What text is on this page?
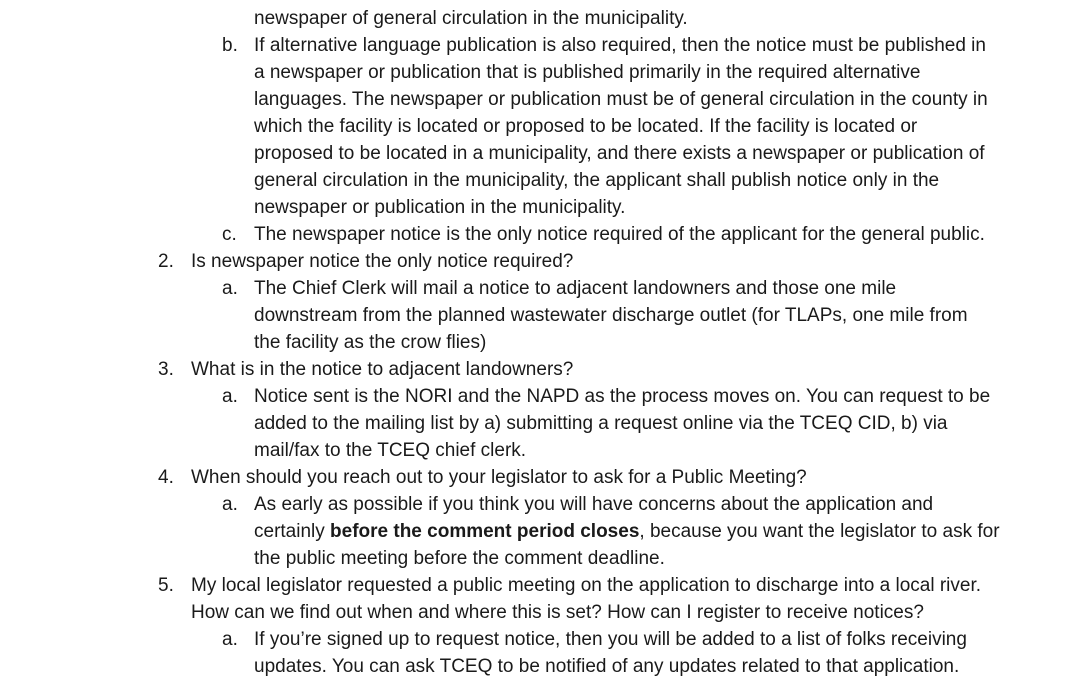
newspaper of general circulation in the municipality.
b. If alternative language publication is also required, then the notice must be published in
a newspaper or publication that is published primarily in the required alternative
languages. The newspaper or publication must be of general circulation in the county in
which the facility is located or proposed to be located. If the facility is located or
proposed to be located in a municipality, and there exists a newspaper or publication of
general circulation in the municipality, the applicant shall publish notice only in the
newspaper or publication in the municipality.
c. The newspaper notice is the only notice required of the applicant for the general public.
2. Is newspaper notice the only notice required?
a. The Chief Clerk will mail a notice to adjacent landowners and those one mile
downstream from the planned wastewater discharge outlet (for TLAPs, one mile from
the facility as the crow flies)
3. What is in the notice to adjacent landowners?
a. Notice sent is the NORI and the NAPD as the process moves on. You can request to be
added to the mailing list by a) submitting a request online via the TCEQ CID, b) via
mail/fax to the TCEQ chief clerk.
4. When should you reach out to your legislator to ask for a Public Meeting?
a. As early as possible if you think you will have concerns about the application and
certainly before the comment period closes, because you want the legislator to ask for
the public meeting before the comment deadline.
5. My local legislator requested a public meeting on the application to discharge into a local river.
How can we find out when and where this is set? How can I register to receive notices?
a. If you’re signed up to request notice, then you will be added to a list of folks receiving
updates. You can ask TCEQ to be notified of any updates related to that application.
